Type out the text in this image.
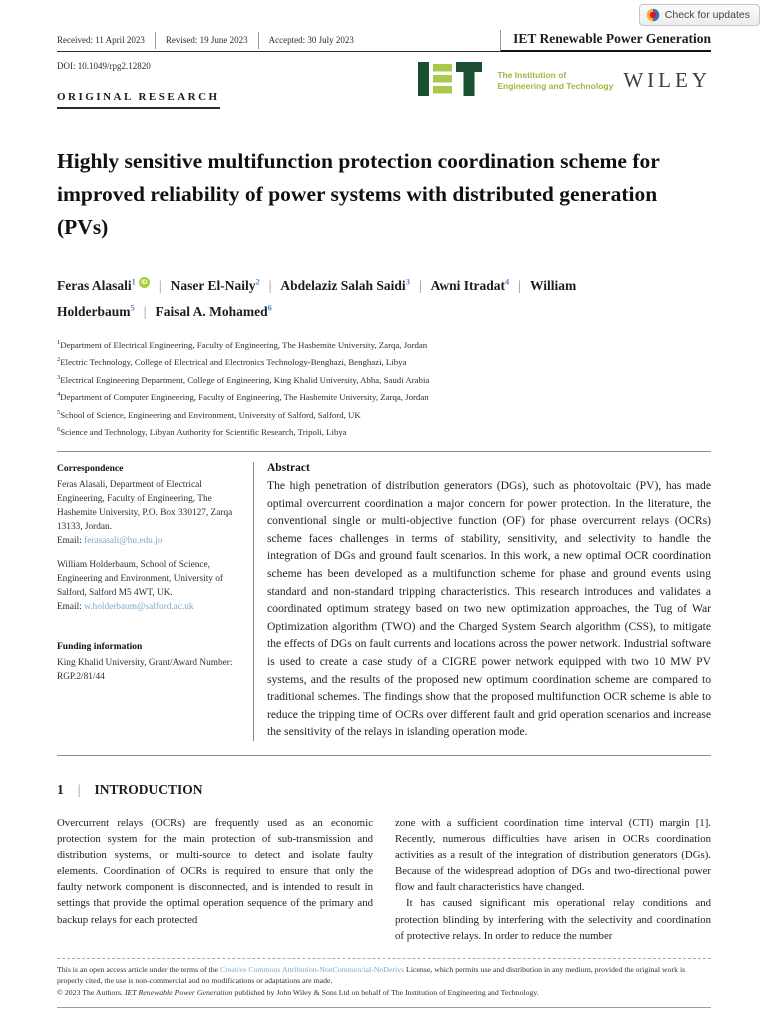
Check for updates
Received: 11 April 2023	Revised: 19 June 2023	Accepted: 30 July 2023	IET Renewable Power Generation
DOI: 10.1049/rpg2.12820
ORIGINAL RESEARCH
The Institution of
Engineering and Technology WILEY
Highly sensitive multifunction protection coordination scheme for improved reliability of power systems with distributed generation (PVs)
Feras Alasali$^1$ iD |	Naser El-Naily$^2$ | Abdelaziz Salah Saidi$^3$ | Awni Itradat$^4$| William Holderbaum$^5$ | Faisal A. Mohamed$^6$
$^1$Department of Electrical Engineering, Faculty of Engineering, The Hashemite University, Zarqa, Jordan
$^2$Electric Technology, College of Electrical and Electronics Technology-Benghazi, Benghazi, Libya
$^3$Electrical Engineering Department, College of Engineering, King Khalid University, Abha, Saudi Arabia
$^4$Department of Computer Engineering, Faculty of Engineering, The Hashemite University, Zarqa, Jordan
$^5$School of Science, Engineering and Environment, University of Salford, Salford, UK
$^6$Science and Technology, Libyan Authority for Scientific Research, Tripoli, Libya
Correspondence

Feras Alasali, Department of Electrical Engineering, Faculty of Engineering, The Hashemite University, P.O. Box 330127, Zarqa 13133, Jordan.
Email: ferasasali@hu.edu.jo

William Holderbaum, School of Science, Engineering and Environment, University of Salford, Salford M5 4WT, UK.
Email: w.holderbaum@salford.ac.uk

Funding information

King Khalid University, Grant/Award Number: RGP.2/81/44

Abstract

The high penetration of distribution generators (DGs), such as photovoltaic (PV), has made optimal overcurrent coordination a major concern for power protection. In the literature, the conventional single or multi-objective function (OF) for phase overcurrent relays (OCRs) scheme faces challenges in terms of stability, sensitivity, and selectivity to handle the integration of DGs and ground fault scenarios. In this work, a new optimal OCR coordination scheme has been developed as a multifunction scheme for phase and ground events using standard and non-standard tripping characteristics. This research introduces and validates a coordinated optimum strategy based on two new optimization approaches, the Tug of War Optimization algorithm (TWO) and the Charged System Search algorithm (CSS), to mitigate the effects of DGs on fault currents and locations across the power network. Industrial software is used to create a case study of a CIGRE power network equipped with two 10 MW PV systems, and the results of the proposed new optimum coordination scheme are compared to traditional schemes. The findings show that the proposed multifunction OCR scheme is able to reduce the tripping time of OCRs over different fault and grid operation scenarios and increase the sensitivity of the relays in islanding operation mode.

1 | INTRODUCTION

Overcurrent relays (OCRs) are frequently used as an economic protection system for the main protection of sub-transmission and distribution systems, or multi-source to detect and isolate faulty elements. Coordination of OCRs is required to ensure that only the faulty network component is disconnected, and is intended to result in settings that provide the optimal operation sequence of the primary and backup relays for each protected

zone with a sufficient coordination time interval (CTI) margin [1]. Recently, numerous difficulties have arisen in OCRs coordination activities as a result of the integration of distribution generators (DGs). Because of the widespread adoption of DGs and two-directional power flow and fault characteristics have changed.

It has caused significant mis operational relay conditions and protection blinding by interfering with the selectivity and coordination of protective relays. In order to reduce the number

This is an open access article under the terms of the Creative Commons Attribution-NonCommercial-NoDerivs License, which permits use and distribution in any medium, provided the original work is properly cited, the use is non-commercial and no modifications or adaptations are made.
© 2023 The Authors. IET Renewable Power Generation published by John Wiley & Sons Ltd on behalf of The Institution of Engineering and Technology.
